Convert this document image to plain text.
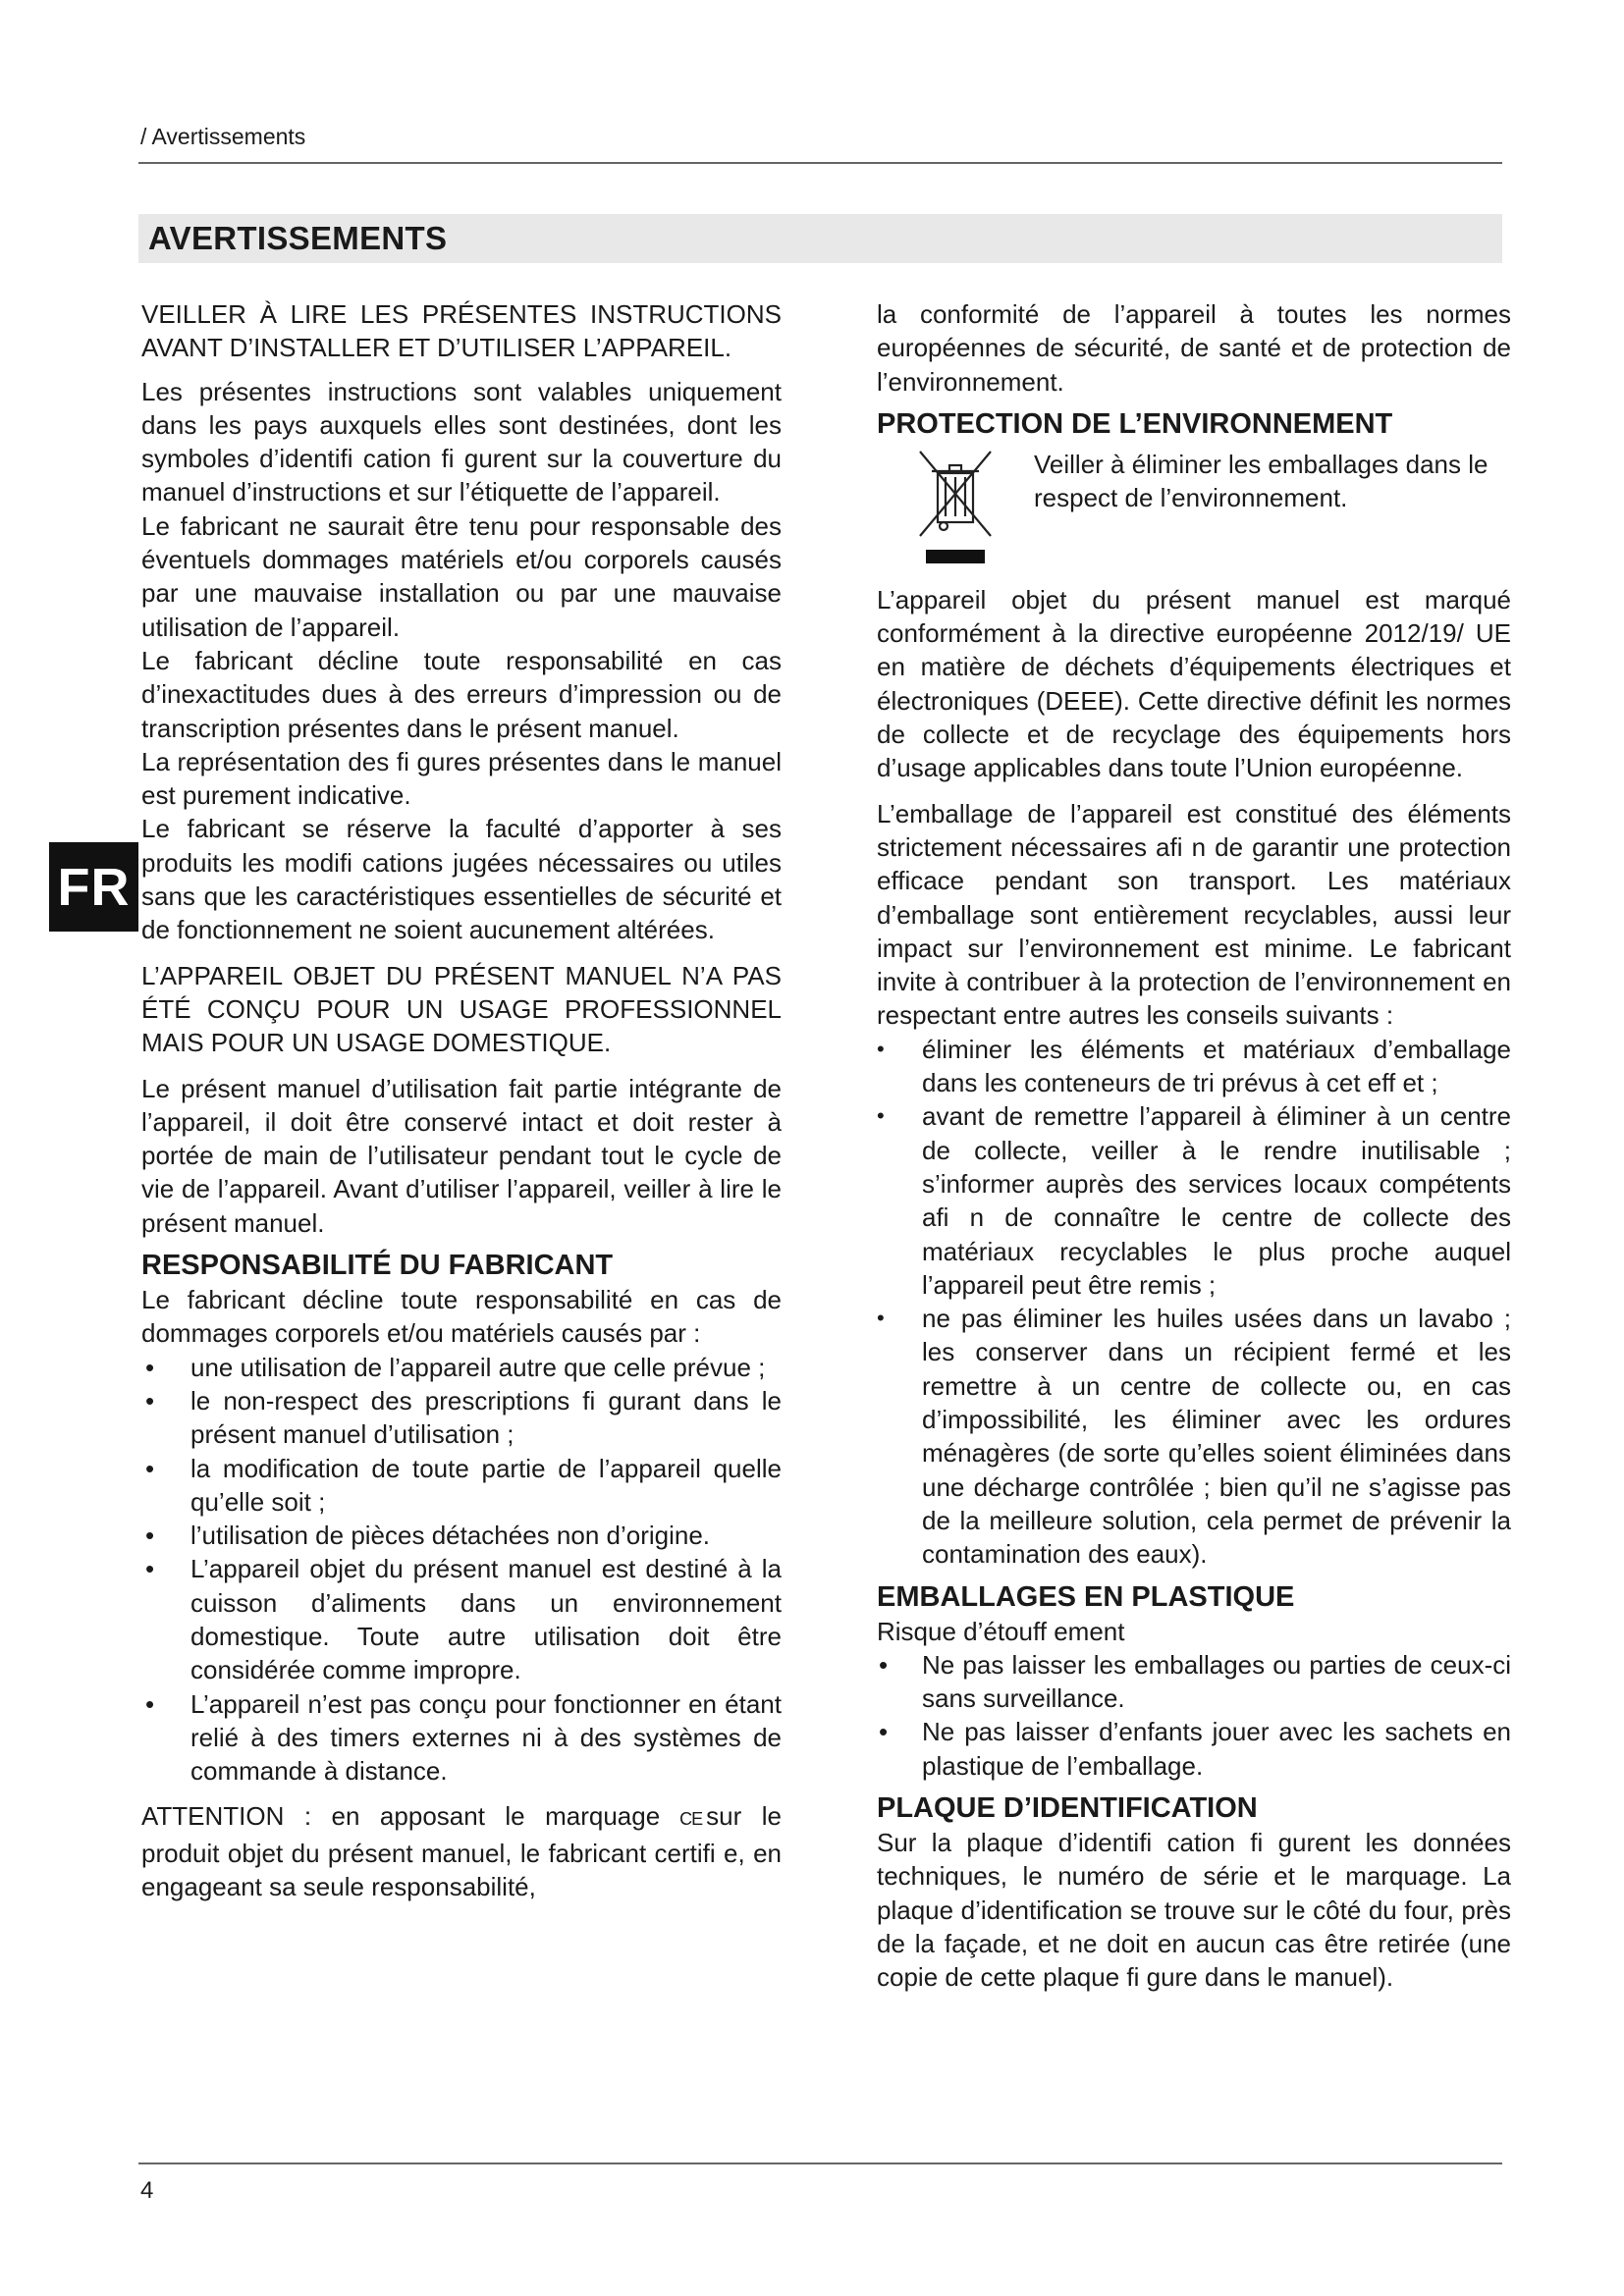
/ Avertissements
AVERTISSEMENTS
FR

VEILLER À LIRE LES PRÉSENTES INSTRUCTIONS AVANT D’INSTALLER ET D’UTILISER L’APPAREIL.

Les présentes instructions sont valables uniquement dans les pays auxquels elles sont destinées, dont les symboles d’identifi cation fi gurent sur la couverture du manuel d’instructions et sur l’étiquette de l’appareil.

Le fabricant ne saurait être tenu pour responsable des éventuels dommages matériels et/ou corporels causés par une mauvaise installation ou par une mauvaise utilisation de l’appareil.

Le fabricant décline toute responsabilité en cas d’inexactitudes dues à des erreurs d’impression ou de transcription présentes dans le présent manuel.

La représentation des fi gures présentes dans le manuel est purement indicative.

Le fabricant se réserve la faculté d’apporter à ses produits les modifi cations jugées nécessaires ou utiles sans que les caractéristiques essentielles de sécurité et de fonctionnement ne soient aucunement altérées.

L’APPAREIL OBJET DU PRÉSENT MANUEL N’A PAS ÉTÉ CONÇU POUR UN USAGE PROFESSIONNEL MAIS POUR UN USAGE DOMESTIQUE.

Le présent manuel d’utilisation fait partie intégrante de l’appareil, il doit être conservé intact et doit rester à portée de main de l’utilisateur pendant tout le cycle de vie de l’appareil. Avant d’utiliser l’appareil, veiller à lire le présent manuel.

RESPONSABILITÉ DU FABRICANT

Le fabricant décline toute responsabilité en cas de dommages corporels et/ou matériels causés par :

• une utilisation de l’appareil autre que celle prévue ;
• le non-respect des prescriptions fi gurant dans le présent manuel d’utilisation ;
• la modification de toute partie de l’appareil quelle qu’elle soit ;
• l’utilisation de pièces détachées non d’origine.
• L’appareil objet du présent manuel est destiné à la cuisson d’aliments dans un environnement domestique. Toute autre utilisation doit être considérée comme impropre.
• L’appareil n’est pas conçu pour fonctionner en étant relié à des timers externes ni à des systèmes de commande à distance.

ATTENTION : en apposant le marquage CE sur le produit objet du présent manuel, le fabricant certifi e, en engageant sa seule responsabilité,

la conformité de l’appareil à toutes les normes européennes de sécurité, de santé et de protection de l’environnement.

PROTECTION DE L’ENVIRONNEMENT

Veiller à éliminer les emballages dans le respect de l’environnement.

L’appareil objet du présent manuel est marqué conformément à la directive européenne 2012/19/ UE en matière de déchets d’équipements électriques et électroniques (DEEE). Cette directive définit les normes de collecte et de recyclage des équipements hors d’usage applicables dans toute l’Union européenne.

L’emballage de l’appareil est constitué des éléments strictement nécessaires afi n de garantir une protection efficace pendant son transport. Les matériaux d’emballage sont entièrement recyclables, aussi leur impact sur l’environnement est minime. Le fabricant invite à contribuer à la protection de l’environnement en respectant entre autres les conseils suivants :

• éliminer les éléments et matériaux d’emballage dans les conteneurs de tri prévus à cet eff et ;
• avant de remettre l’appareil à éliminer à un centre de collecte, veiller à le rendre inutilisable ; s’informer auprès des services locaux compétents afi n de connaître le centre de collecte des matériaux recyclables le plus proche auquel l’appareil peut être remis ;
• ne pas éliminer les huiles usées dans un lavabo ; les conserver dans un récipient fermé et les remettre à un centre de collecte ou, en cas d’impossibilité, les éliminer avec les ordures ménagères (de sorte qu’elles soient éliminées dans une décharge contrôlée ; bien qu’il ne s’agisse pas de la meilleure solution, cela permet de prévenir la contamination des eaux).
EMBALLAGES EN PLASTIQUE

Risque d’étouff ement

• Ne pas laisser les emballages ou parties de ceux-ci sans surveillance.
• Ne pas laisser d’enfants jouer avec les sachets en plastique de l’emballage.
PLAQUE D’IDENTIFICATION

Sur la plaque d’identifi cation fi gurent les données techniques, le numéro de série et le marquage. La plaque d’identification se trouve sur le côté du four, près de la façade, et ne doit en aucun cas être retirée (une copie de cette plaque fi gure dans le manuel).

4
